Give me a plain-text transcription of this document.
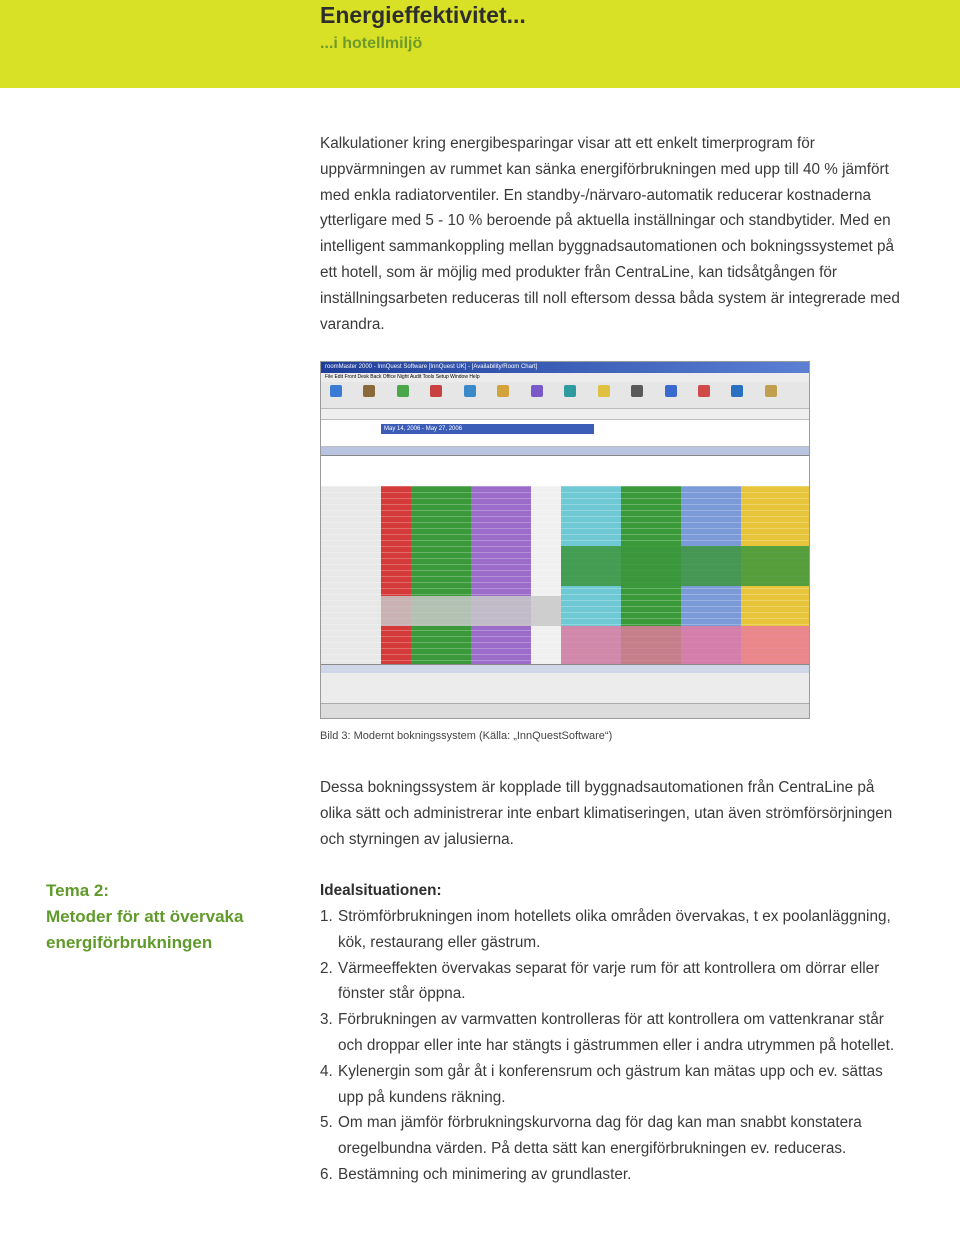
Energieffektivitet...
...i hotellmiljö
Kalkulationer kring energibesparingar visar att ett enkelt timerprogram för uppvärmningen av rummet kan sänka energiförbrukningen med upp till 40 % jämfört med enkla radiatorventiler. En standby-/närvaro-automatik reducerar kostnaderna ytterligare med 5 - 10 % beroende på aktuella inställningar och standbytider. Med en intelligent sammankoppling mellan byggnadsautomationen och bokningssystemet på ett hotell, som är möjlig med produkter från CentraLine, kan tidsåtgången för inställningsarbeten reduceras till noll eftersom dessa båda system är integrerade med varandra.
roomMaster 2000 - InnQuest Software [InnQuest UK] - [Availability/Room Chart]
File Edit Front Desk Back Office Night Audit Tools Setup Window Help

May 14, 2006 - May 27, 2006
Bild 3: Modernt bokningssystem (Källa: „InnQuestSoftware“)
Dessa bokningssystem är kopplade till byggnadsautomationen från CentraLine på olika sätt och administrerar inte enbart klimatiseringen, utan även strömförsörjningen och styrningen av jalusierna.
Tema 2:
Metoder för att övervaka
energiförbrukningen
Idealsituationen:
1. Strömförbrukningen inom hotellets olika områden övervakas, t ex poolanläggning, kök, restaurang eller gästrum.
2. Värmeeffekten övervakas separat för varje rum för att kontrollera om dörrar eller fönster står öppna.
3. Förbrukningen av varmvatten kontrolleras för att kontrollera om vattenkranar står och droppar eller inte har stängts i gästrummen eller i andra utrymmen på hotellet.
4. Kylenergin som går åt i konferensrum och gästrum kan mätas upp och ev. sättas upp på kundens räkning.
5. Om man jämför förbrukningskurvorna dag för dag kan man snabbt konstatera oregelbundna värden. På detta sätt kan energiförbrukningen ev. reduceras.
6. Bestämning och minimering av grundlaster.
